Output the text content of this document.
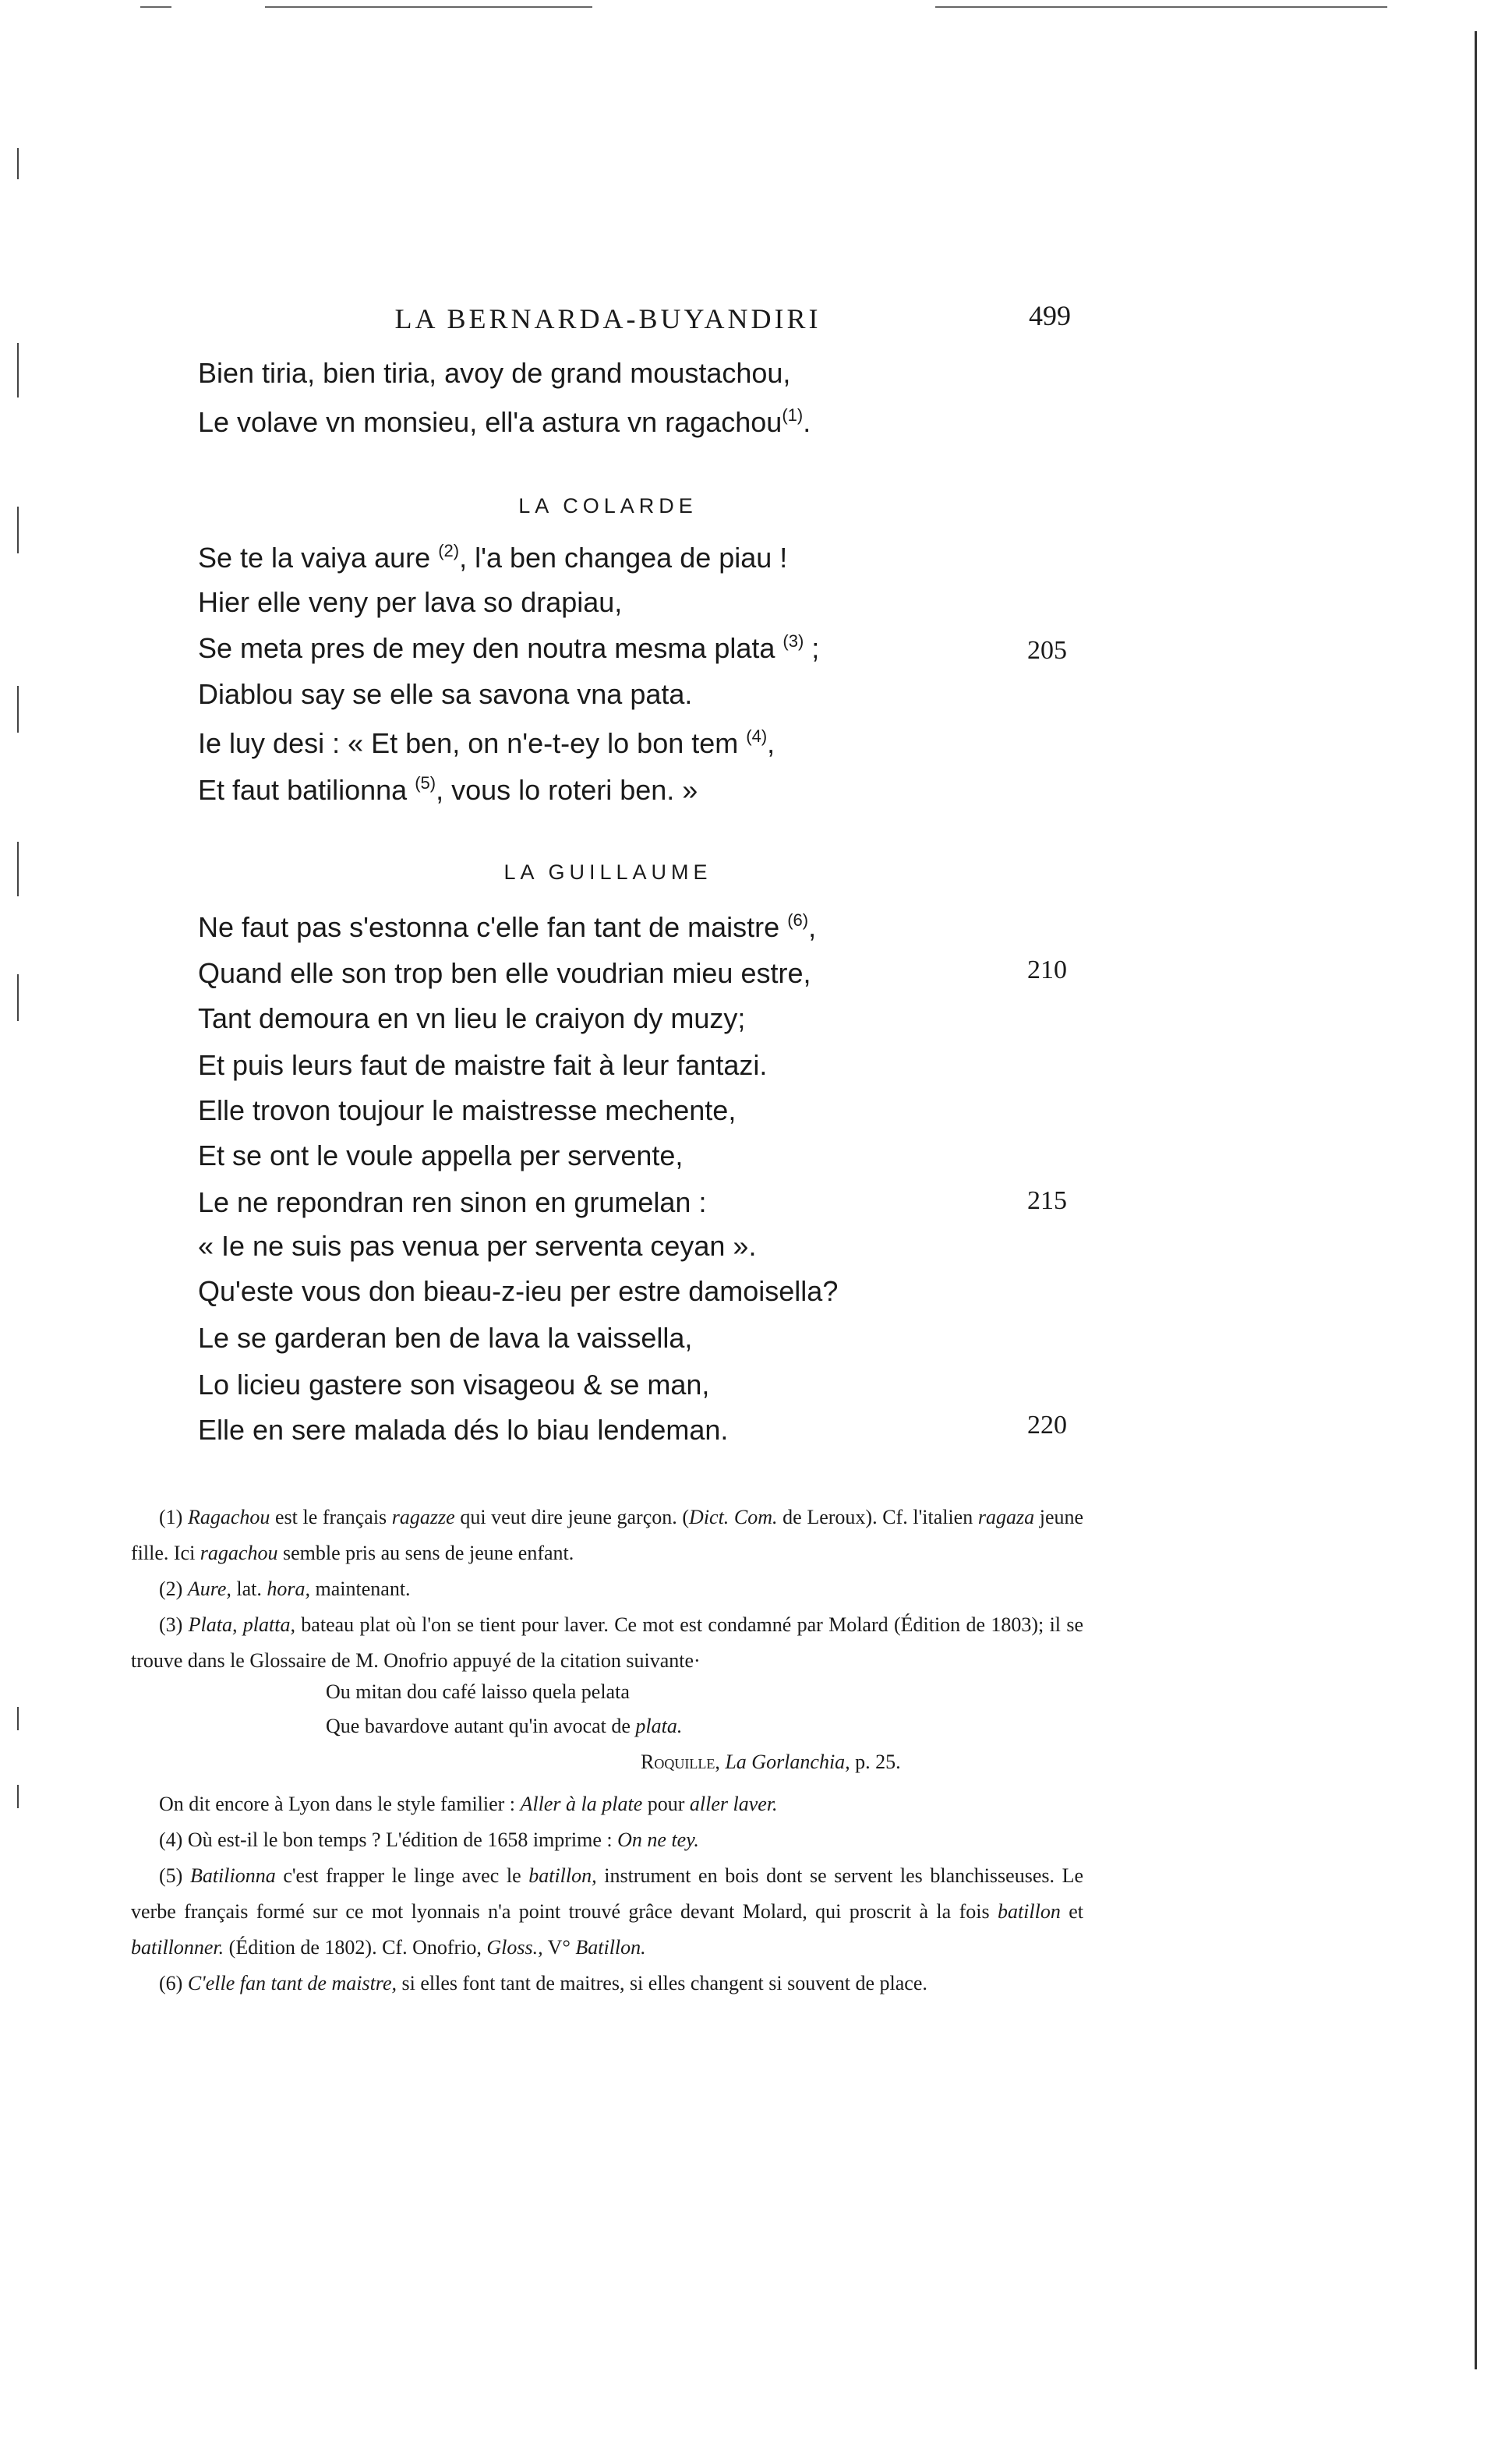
LA BERNARDA-BUYANDIRI	499
Bien tiria, bien tiria, avoy de grand moustachou,
Le volave vn monsieu, ell'a astura vn ragachou$^{(1)}$.
LA COLARDE
Se te la vaiya aure $^{(2)}$, l'a ben changea de piau !
Hier elle veny per lava so drapiau,
Se meta pres de mey den noutra mesma plata $^{(3)}$ ;	205
Diablou say se elle sa savona vna pata.
Ie luy desi : « Et ben, on n'e-t-ey lo bon tem $^{(4)}$,
Et faut batilionna $^{(5)}$, vous lo roteri ben. »
LA GUILLAUME
Ne faut pas s'estonna c'elle fan tant de maistre $^{(6)}$,
Quand elle son trop ben elle voudrian mieu estre,	210
Tant demoura en vn lieu le craiyon dy muzy;
Et puis leurs faut de maistre fait à leur fantazi.
Elle trovon toujour le maistresse mechente,
Et se ont le voule appella per servente,
Le ne repondran ren sinon en grumelan :	215
« Ie ne suis pas venua per serventa ceyan ».
Qu'este vous don bieau-z-ieu per estre damoisella?
Le se garderan ben de lava la vaissella,
Lo licieu gastere son visageou & se man,
Elle en sere malada dés lo biau lendeman.	220
(1) Ragachou est le français ragazze qui veut dire jeune garçon. (Dict. Com. de Leroux). Cf. l'italien ragaza jeune fille. Ici ragachou semble pris au sens de jeune enfant.
(2) Aure, lat. hora, maintenant.
(3) Plata, platta, bateau plat où l'on se tient pour laver. Ce mot est condamné par Molard (Édition de 1803); il se trouve dans le Glossaire de M. Onofrio appuyé de la citation suivante·
Ou mitan dou café laisso quela pelata
Que bavardove autant qu'in avocat de plata.
Roquille, La Gorlanchia, p. 25.
On dit encore à Lyon dans le style familier : Aller à la plate pour aller laver.
(4) Où est-il le bon temps ? L'édition de 1658 imprime : On ne tey.
(5) Batilionna c'est frapper le linge avec le batillon, instrument en bois dont se servent les blanchisseuses. Le verbe français formé sur ce mot lyonnais n'a point trouvé grâce devant Molard, qui proscrit à la fois batillon et batillonner. (Édition de 1802). Cf. Onofrio, Gloss., V° Batillon.
(6) C'elle fan tant de maistre, si elles font tant de maitres, si elles changent si souvent de place.
